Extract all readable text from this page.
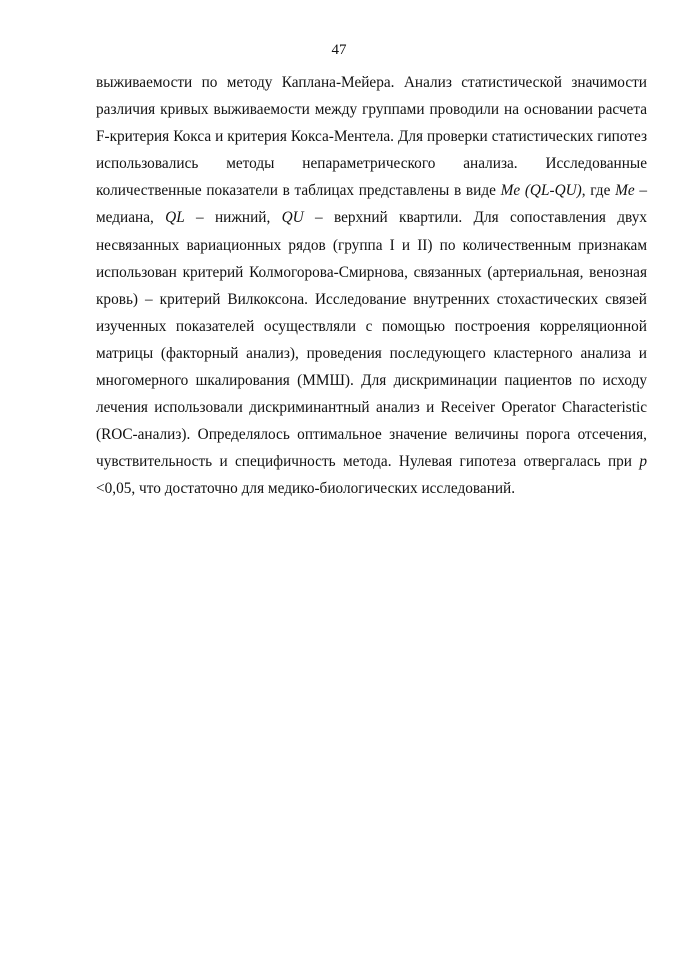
47

выживаемости по методу Каплана-Мейера. Анализ статистической значимости различия кривых выживаемости между группами проводили на основании расчета F-критерия Кокса и критерия Кокса-Ментела. Для проверки статистических гипотез использовались методы непараметрического анализа. Исследованные количественные показатели в таблицах представлены в виде Me (QL-QU), где Me – медиана, QL – нижний, QU – верхний квартили. Для сопоставления двух несвязанных вариационных рядов (группа I и II) по количественным признакам использован критерий Колмогорова-Смирнова, связанных (артериальная, венозная кровь) – критерий Вилкоксона. Исследование внутренних стохастических связей изученных показателей осуществляли с помощью построения корреляционной матрицы (факторный анализ), проведения последующего кластерного анализа и многомерного шкалирования (ММШ). Для дискриминации пациентов по исходу лечения использовали дискриминантный анализ и Receiver Operator Characteristic (ROC-анализ). Определялось оптимальное значение величины порога отсечения, чувствительность и специфичность метода. Нулевая гипотеза отвергалась при p <0,05, что достаточно для медико-биологических исследований.
